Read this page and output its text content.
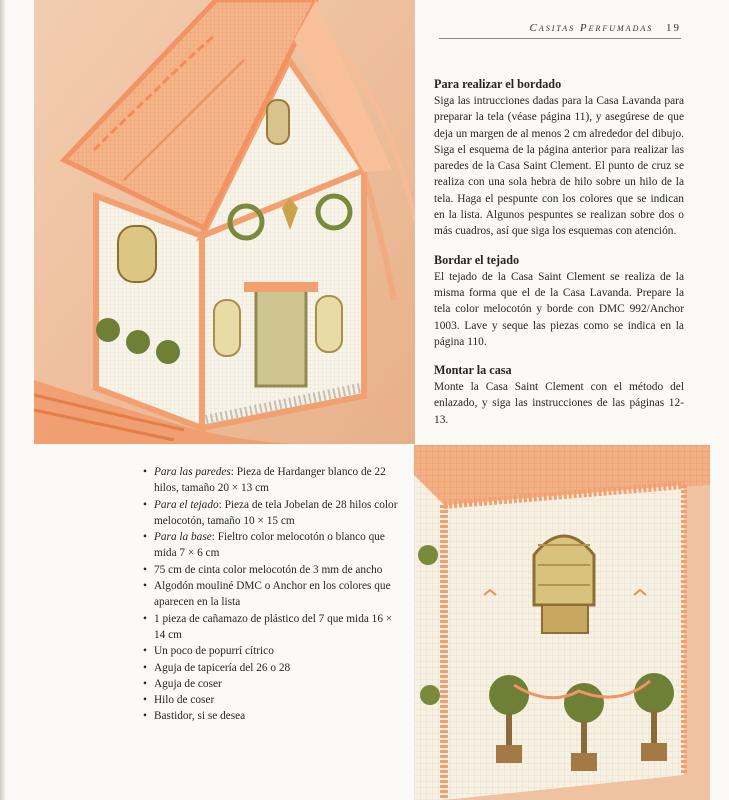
Casitas Perfumadas 19
Para realizar el bordado

Siga las intrucciones dadas para la Casa Lavanda para preparar la tela (véase página 11), y asegúrese de que deja un margen de al menos 2 cm alrededor del dibujo. Siga el esquema de la página anterior para realizar las paredes de la Casa Saint Clement. El punto de cruz se realiza con una sola hebra de hilo sobre un hilo de la tela. Haga el pespunte con los colores que se indican en la lista. Algunos pespuntes se realizan sobre dos o más cuadros, así que siga los esquemas con atención.

Bordar el tejado

El tejado de la Casa Saint Clement se realiza de la misma forma que el de la Casa Lavanda. Prepare la tela color melocotón y borde con DMC 992/Anchor 1003. Lave y seque las piezas como se indica en la página 110.

Montar la casa

Monte la Casa Saint Clement con el método del enlazado, y siga las instrucciones de las páginas 12-13.

• Para las paredes: Pieza de Hardanger blanco de 22 hilos, tamaño 20 × 13 cm
• Para el tejado: Pieza de tela Jobelan de 28 hilos color melocotón, tamaño 10 × 15 cm
• Para la base: Fieltro color melocotón o blanco que mida 7 × 6 cm
• 75 cm de cinta color melocotón de 3 mm de ancho
• Algodón mouliné DMC o Anchor en los colores que aparecen en la lista
• 1 pieza de cañamazo de plástico del 7 que mida 16 × 14 cm
• Un poco de popurrí cítrico
• Aguja de tapicería del 26 o 28
• Aguja de coser
• Hilo de coser
• Bastidor, si se desea
